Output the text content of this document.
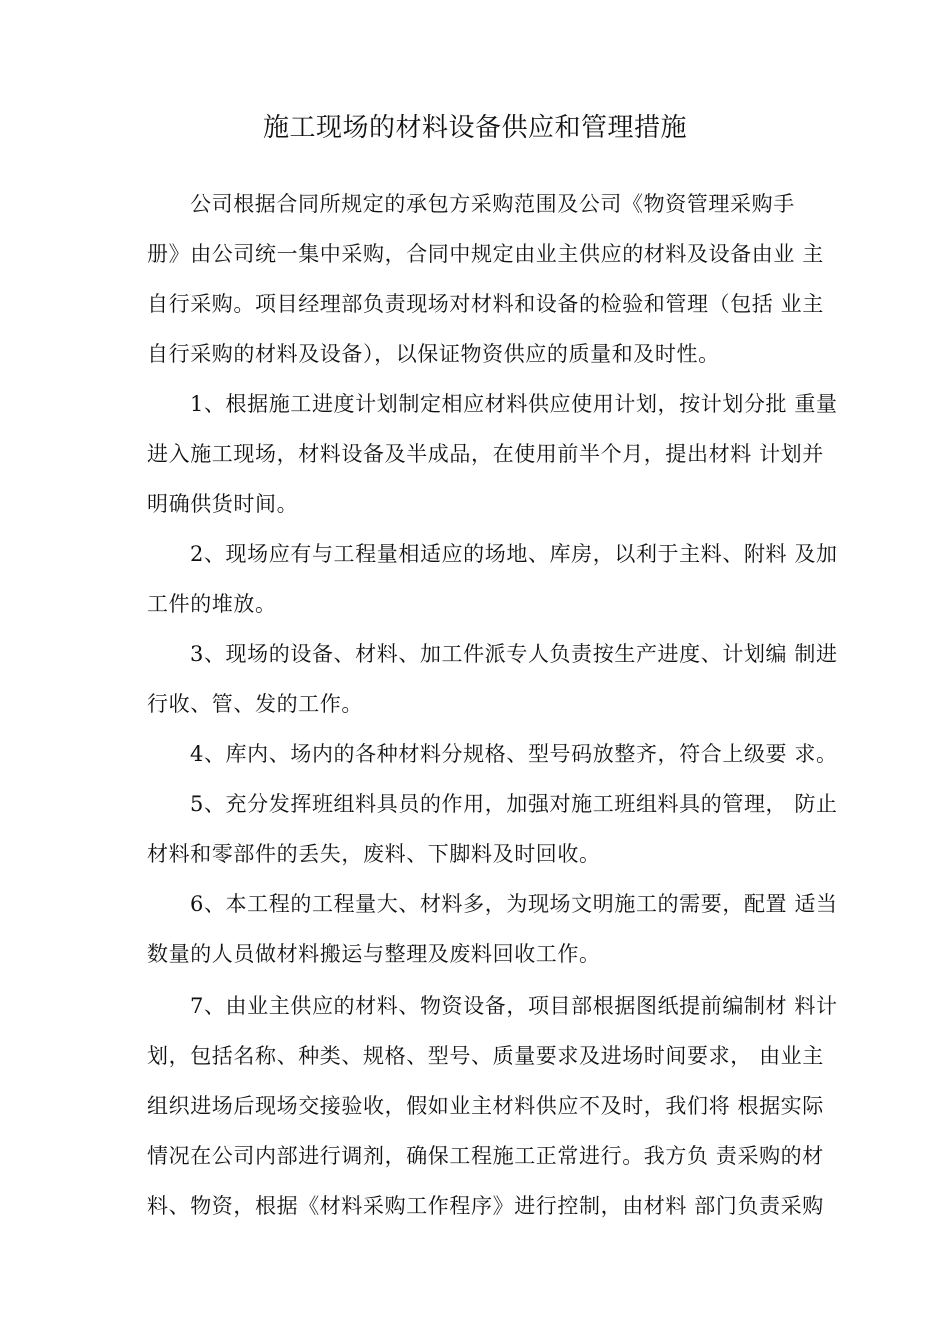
施工现场的材料设备供应和管理措施
公司根据合同所规定的承包方采购范围及公司《物资管理采购手
册》由公司统一集中采购，合同中规定由业主供应的材料及设备由业 主
自行采购。项目经理部负责现场对材料和设备的检验和管理（包括 业主
自行采购的材料及设备），以保证物资供应的质量和及时性。
1、根据施工进度计划制定相应材料供应使用计划，按计划分批 重量
进入施工现场，材料设备及半成品，在使用前半个月，提出材料 计划并
明确供货时间。
2、现场应有与工程量相适应的场地、库房，以利于主料、附料 及加
工件的堆放。
3、现场的设备、材料、加工件派专人负责按生产进度、计划编 制进
行收、管、发的工作。
4、库内、场内的各种材料分规格、型号码放整齐，符合上级要 求。
5、充分发挥班组料具员的作用，加强对施工班组料具的管理， 防止
材料和零部件的丢失，废料、下脚料及时回收。
6、本工程的工程量大、材料多，为现场文明施工的需要，配置 适当
数量的人员做材料搬运与整理及废料回收工作。
7、由业主供应的材料、物资设备，项目部根据图纸提前编制材 料计
划，包括名称、种类、规格、型号、质量要求及进场时间要求， 由业主
组织进场后现场交接验收，假如业主材料供应不及时，我们将 根据实际
情况在公司内部进行调剂，确保工程施工正常进行。我方负 责采购的材
料、物资，根据《材料采购工作程序》进行控制，由材料 部门负责采购
